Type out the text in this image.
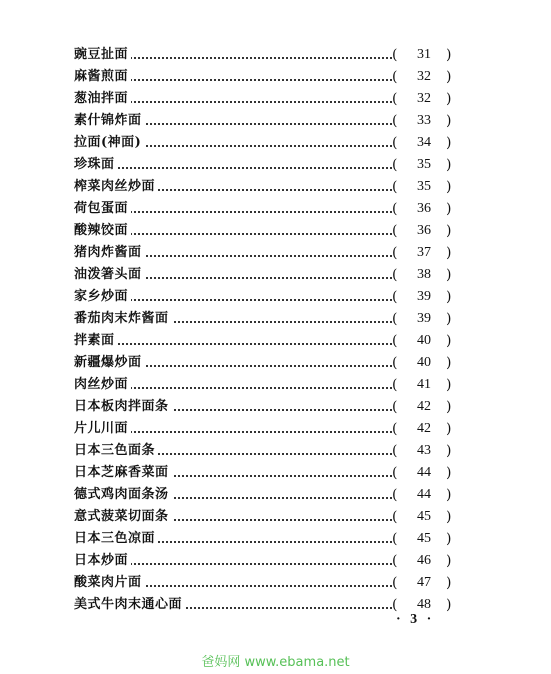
豌豆扯面	(	31	)
麻酱煎面	(	32	)
葱油拌面	(	32	)
素什锦炸面	(	33	)
拉面(神面)	(	34	)
珍珠面	(	35	)
榨菜肉丝炒面	(	35	)
荷包蛋面	(	36	)
酸辣饺面	(	36	)
猪肉炸酱面	(	37	)
油泼箸头面	(	38	)
家乡炒面	(	39	)
番茄肉末炸酱面	(	39	)
拌素面	(	40	)
新疆爆炒面	(	40	)
肉丝炒面	(	41	)
日本板肉拌面条	(	42	)
片儿川面	(	42	)
日本三色面条	(	43	)
日本芝麻香菜面	(	44	)
德式鸡肉面条汤	(	44	)
意式菠菜切面条	(	45	)
日本三色凉面	(	45	)
日本炒面	(	46	)
酸菜肉片面	(	47	)
美式牛肉末通心面	(	48	)
· 3 ·
爸妈网 www.ebama.net
